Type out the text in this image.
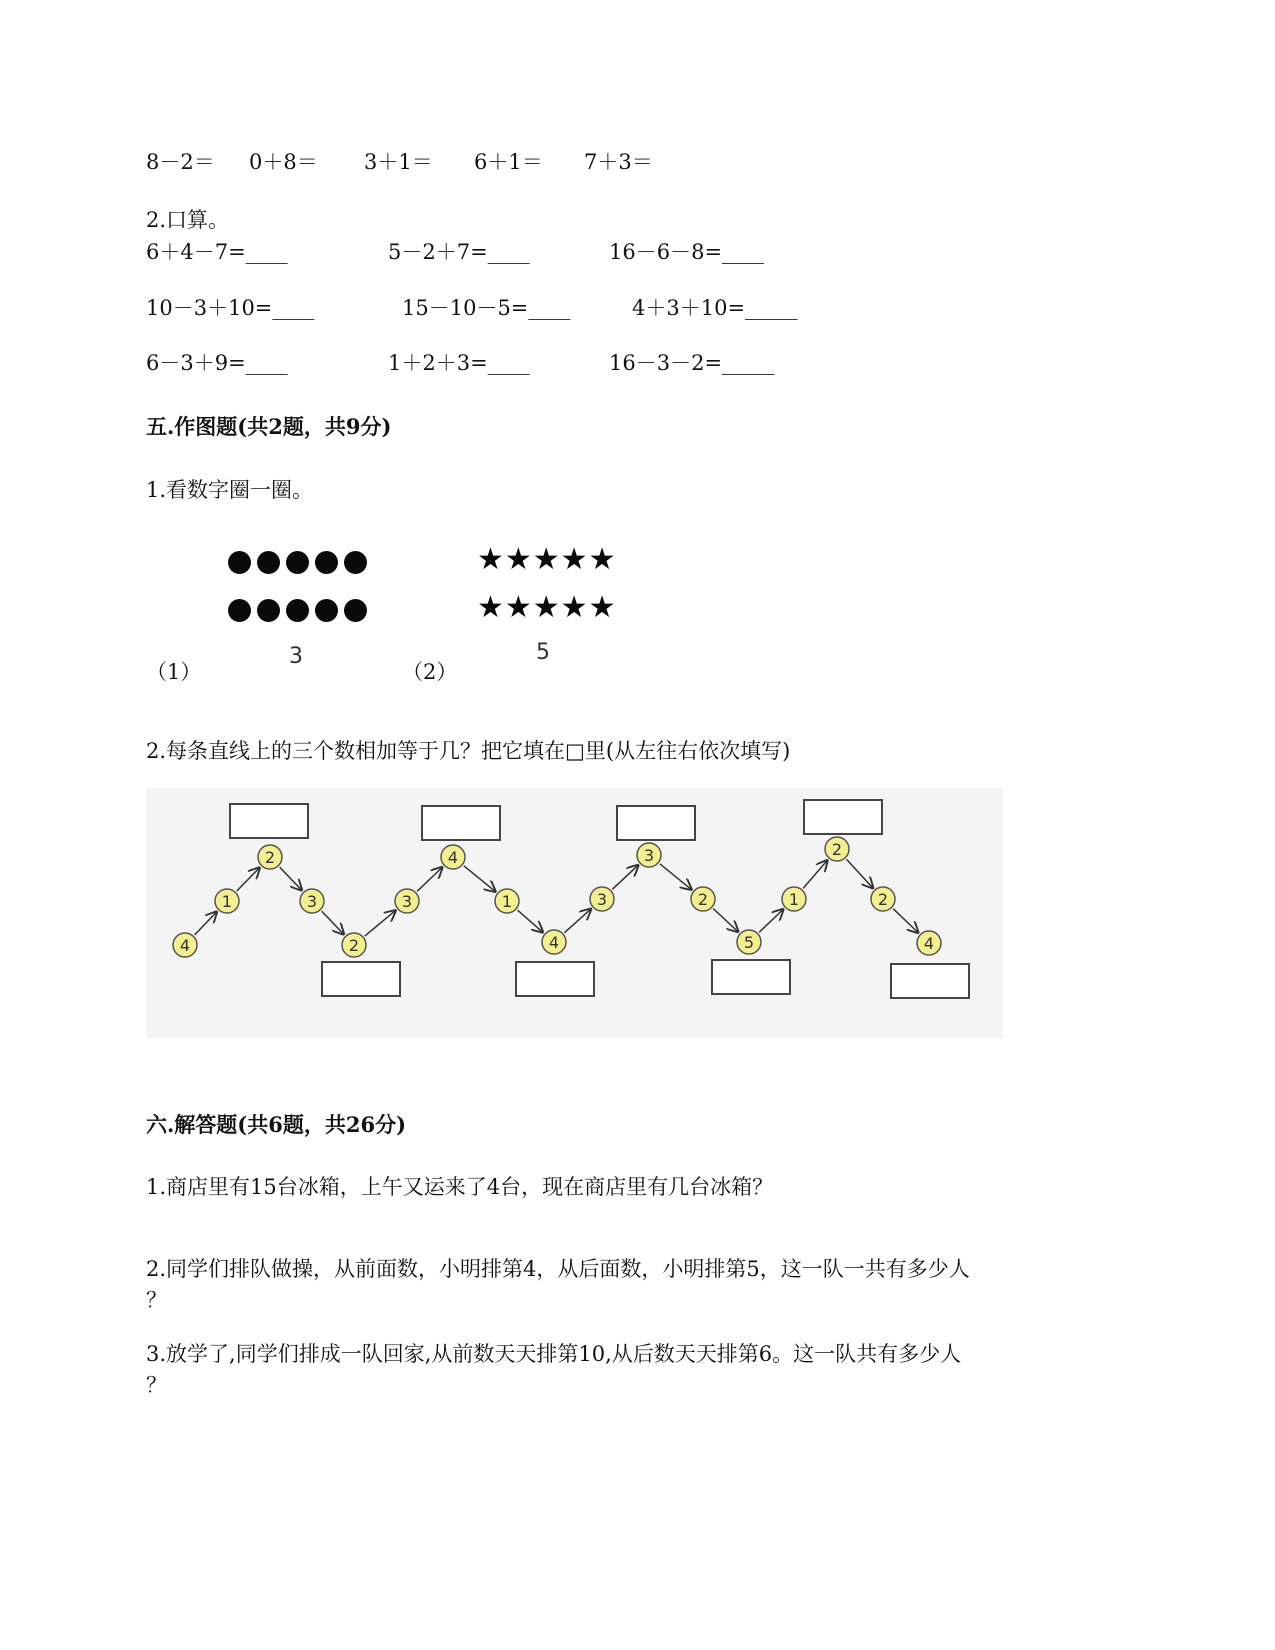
8－2＝ 0＋8＝ 3＋1＝ 6＋1＝ 7＋3＝
2.口算。
6＋4－7=____	5－2＋7=____	16－6－8=____
10－3＋10=____	15－10－5=____	4＋3＋10=_____
6－3＋9=____	1＋2＋3=____	16－3－2=_____
五.作图题(共2题，共9分)
1.看数字圈一圈。
3
（1）
★★★★★
★★★★★
5
（2）
2.每条直线上的三个数相加等于几？把它填在□里(从左往右依次填写)
4
1
2
3
2
3
4
1
4
3
3
2
5
1
2
2
4
六.解答题(共6题，共26分)
1.商店里有15台冰箱，上午又运来了4台，现在商店里有几台冰箱？
2.同学们排队做操，从前面数，小明排第4，从后面数，小明排第5，这一队一共有多少人
？
3.放学了,同学们排成一队回家,从前数天天排第10,从后数天天排第6。这一队共有多少人
？
